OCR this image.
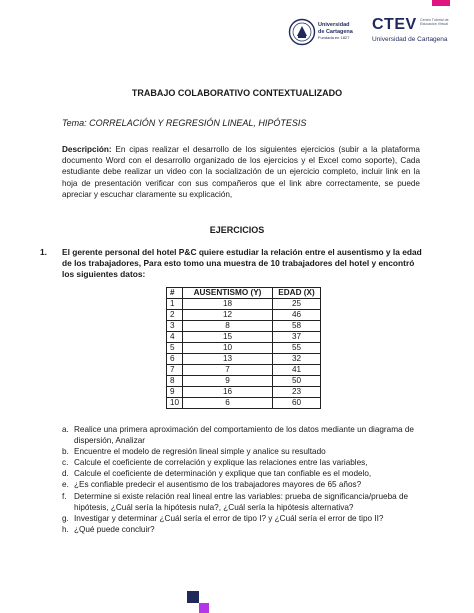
Universidad
de Cartagena
Fundada en 1827
CTEV Centro Tutorial de Educación Virtual
Universidad de Cartagena
TRABAJO COLABORATIVO CONTEXTUALIZADO
Tema: CORRELACIÓN Y REGRESIÓN LINEAL, HIPÓTESIS
Descripción: En cipas realizar el desarrollo de los siguientes ejercicios (subir a la plataforma documento Word con el desarrollo organizado de los ejercicios y el Excel como soporte), Cada estudiante debe realizar un video con la socialización de un ejercicio completo, incluir link en la hoja de presentación verificar con sus compañeros que el link abre correctamente, se puede apreciar y escuchar claramente su explicación,
EJERCICIOS
1. El gerente personal del hotel P&C quiere estudiar la relación entre el ausentismo y la edad de los trabajadores, Para esto tomo una muestra de 10 trabajadores del hotel y encontró los siguientes datos:
#	AUSENTISMO (Y)	EDAD (X)
1	18	25
2	12	46
3	8	58
4	15	37
5	10	55
6	13	32
7	7	41
8	9	50
9	16	23
10	6	60
a. Realice una primera aproximación del comportamiento de los datos mediante un diagrama de dispersión, Analizar
b. Encuentre el modelo de regresión lineal simple y analice su resultado
c. Calcule el coeficiente de correlación y explique las relaciones entre las variables,
d. Calcule el coeficiente de determinación y explique que tan confiable es el modelo,
e. ¿Es confiable predecir el ausentismo de los trabajadores mayores de 65 años?
f. Determine si existe relación real lineal entre las variables: prueba de significancia/prueba de hipótesis, ¿Cuál sería la hipótesis nula?, ¿Cuál sería la hipótesis alternativa?
g. Investigar y determinar ¿Cuál sería el error de tipo I? y ¿Cuál sería el error de tipo II?
h. ¿Qué puede concluir?
